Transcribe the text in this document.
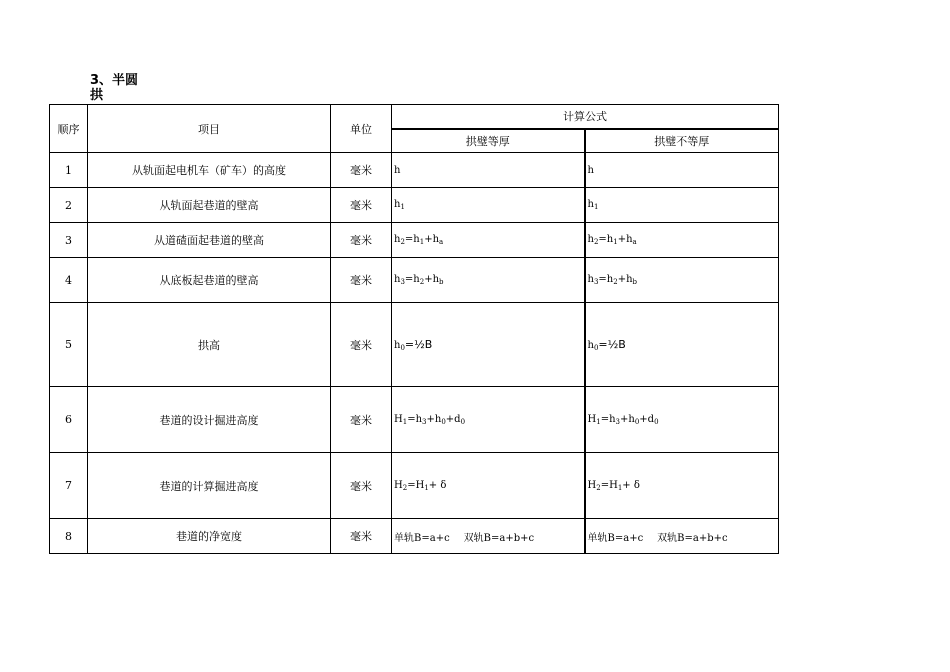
3、半圆拱
顺序	项目	单位	计算公式	
			拱璧等厚	拱璧不等厚
1	从轨面起电机车（矿车）的高度	毫米	h	h
2	从轨面起巷道的壁高	毫米	$h_1$	$h_1$
3	从道碴面起巷道的壁高	毫米	$h_2=h_1+h_a$	$h_2=h_1+h_a$
4	从底板起巷道的壁高	毫米	$h_3=h_2+h_b$	$h_3=h_2+h_b$
5	拱高	毫米	$h_0=\frac{1}{2}B$	$h_0=\frac{1}{2}B$
6	巷道的设计掘进高度	毫米	$H_1=h_3+h_0+d_0$	$H_1=h_3+h_0+d_0$
7	巷道的计算掘进高度	毫米	$H_2=H_1+ \delta$	$H_2=H_1+ \delta$
8	巷道的净宽度	毫米	单轨B=a+c 双轨B=a+b+c	单轨B=a+c 双轨B=a+b+c
